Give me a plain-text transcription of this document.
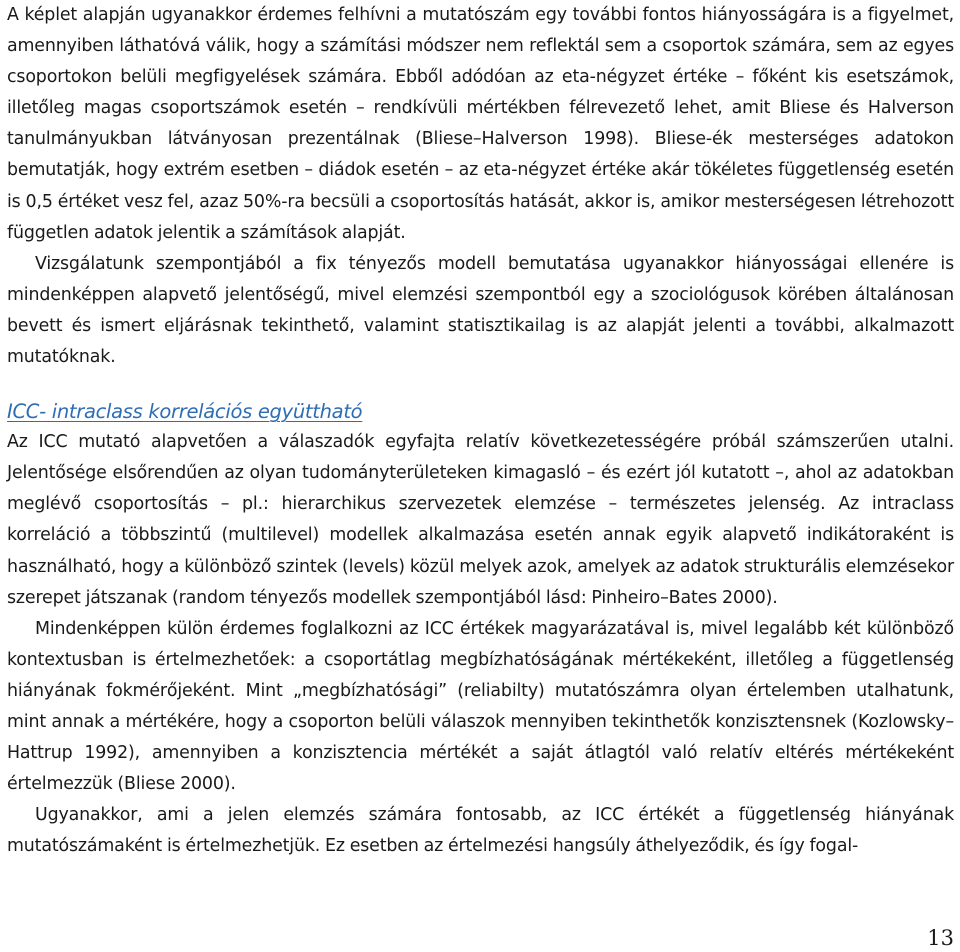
A képlet alapján ugyanakkor érdemes felhívni a mutatószám egy további fontos hiányosságára is a figyelmet, amennyiben láthatóvá válik, hogy a számítási módszer nem reflektál sem a csoportok számára, sem az egyes csoportokon belüli megfigyelések számára. Ebből adódóan az eta-négyzet értéke – főként kis esetszámok, illetőleg magas csoportszámok esetén – rendkívüli mértékben félrevezető lehet, amit Bliese és Halverson tanulmányukban látványosan prezentálnak (Bliese–Halverson 1998). Bliese-ék mesterséges adatokon bemutatják, hogy extrém esetben – diádok esetén – az eta-négyzet értéke akár tökéletes függetlenség esetén is 0,5 értéket vesz fel, azaz 50%-ra becsüli a csoportosítás hatását, akkor is, amikor mesterségesen létrehozott független adatok jelentik a számítások alapját.

Vizsgálatunk szempontjából a fix tényezős modell bemutatása ugyanakkor hiányosságai ellenére is mindenképpen alapvető jelentőségű, mivel elemzési szempontból egy a szociológusok körében általánosan bevett és ismert eljárásnak tekinthető, valamint statisztikailag is az alapját jelenti a további, alkalmazott mutatóknak.

ICC- intraclass korrelációs együttható

Az ICC mutató alapvetően a válaszadók egyfajta relatív következetességére próbál számszerűen utalni. Jelentősége elsőrendűen az olyan tudományterületeken kimagasló – és ezért jól kutatott –, ahol az adatokban meglévő csoportosítás – pl.: hierarchikus szervezetek elemzése – természetes jelenség. Az intraclass korreláció a többszintű (multilevel) modellek alkalmazása esetén annak egyik alapvető indikátoraként is használható, hogy a különböző szintek (levels) közül melyek azok, amelyek az adatok strukturális elemzésekor szerepet játszanak (random tényezős modellek szempontjából lásd: Pinheiro–Bates 2000).

Mindenképpen külön érdemes foglalkozni az ICC értékek magyarázatával is, mivel legalább két különböző kontextusban is értelmezhetőek: a csoportátlag megbízhatóságának mértékeként, illetőleg a függetlenség hiányának fokmérőjeként. Mint „megbízhatósági” (reliabilty) mutatószámra olyan értelemben utalhatunk, mint annak a mértékére, hogy a csoporton belüli válaszok mennyiben tekinthetők konzisztensnek (Kozlowsky–Hattrup 1992), amennyiben a konzisztencia mértékét a saját átlagtól való relatív eltérés mértékeként értelmezzük (Bliese 2000).

Ugyanakkor, ami a jelen elemzés számára fontosabb, az ICC értékét a függetlenség hiányának mutatószámaként is értelmezhetjük. Ez esetben az értelmezési hangsúly áthelyeződik, és így fogal-

13
